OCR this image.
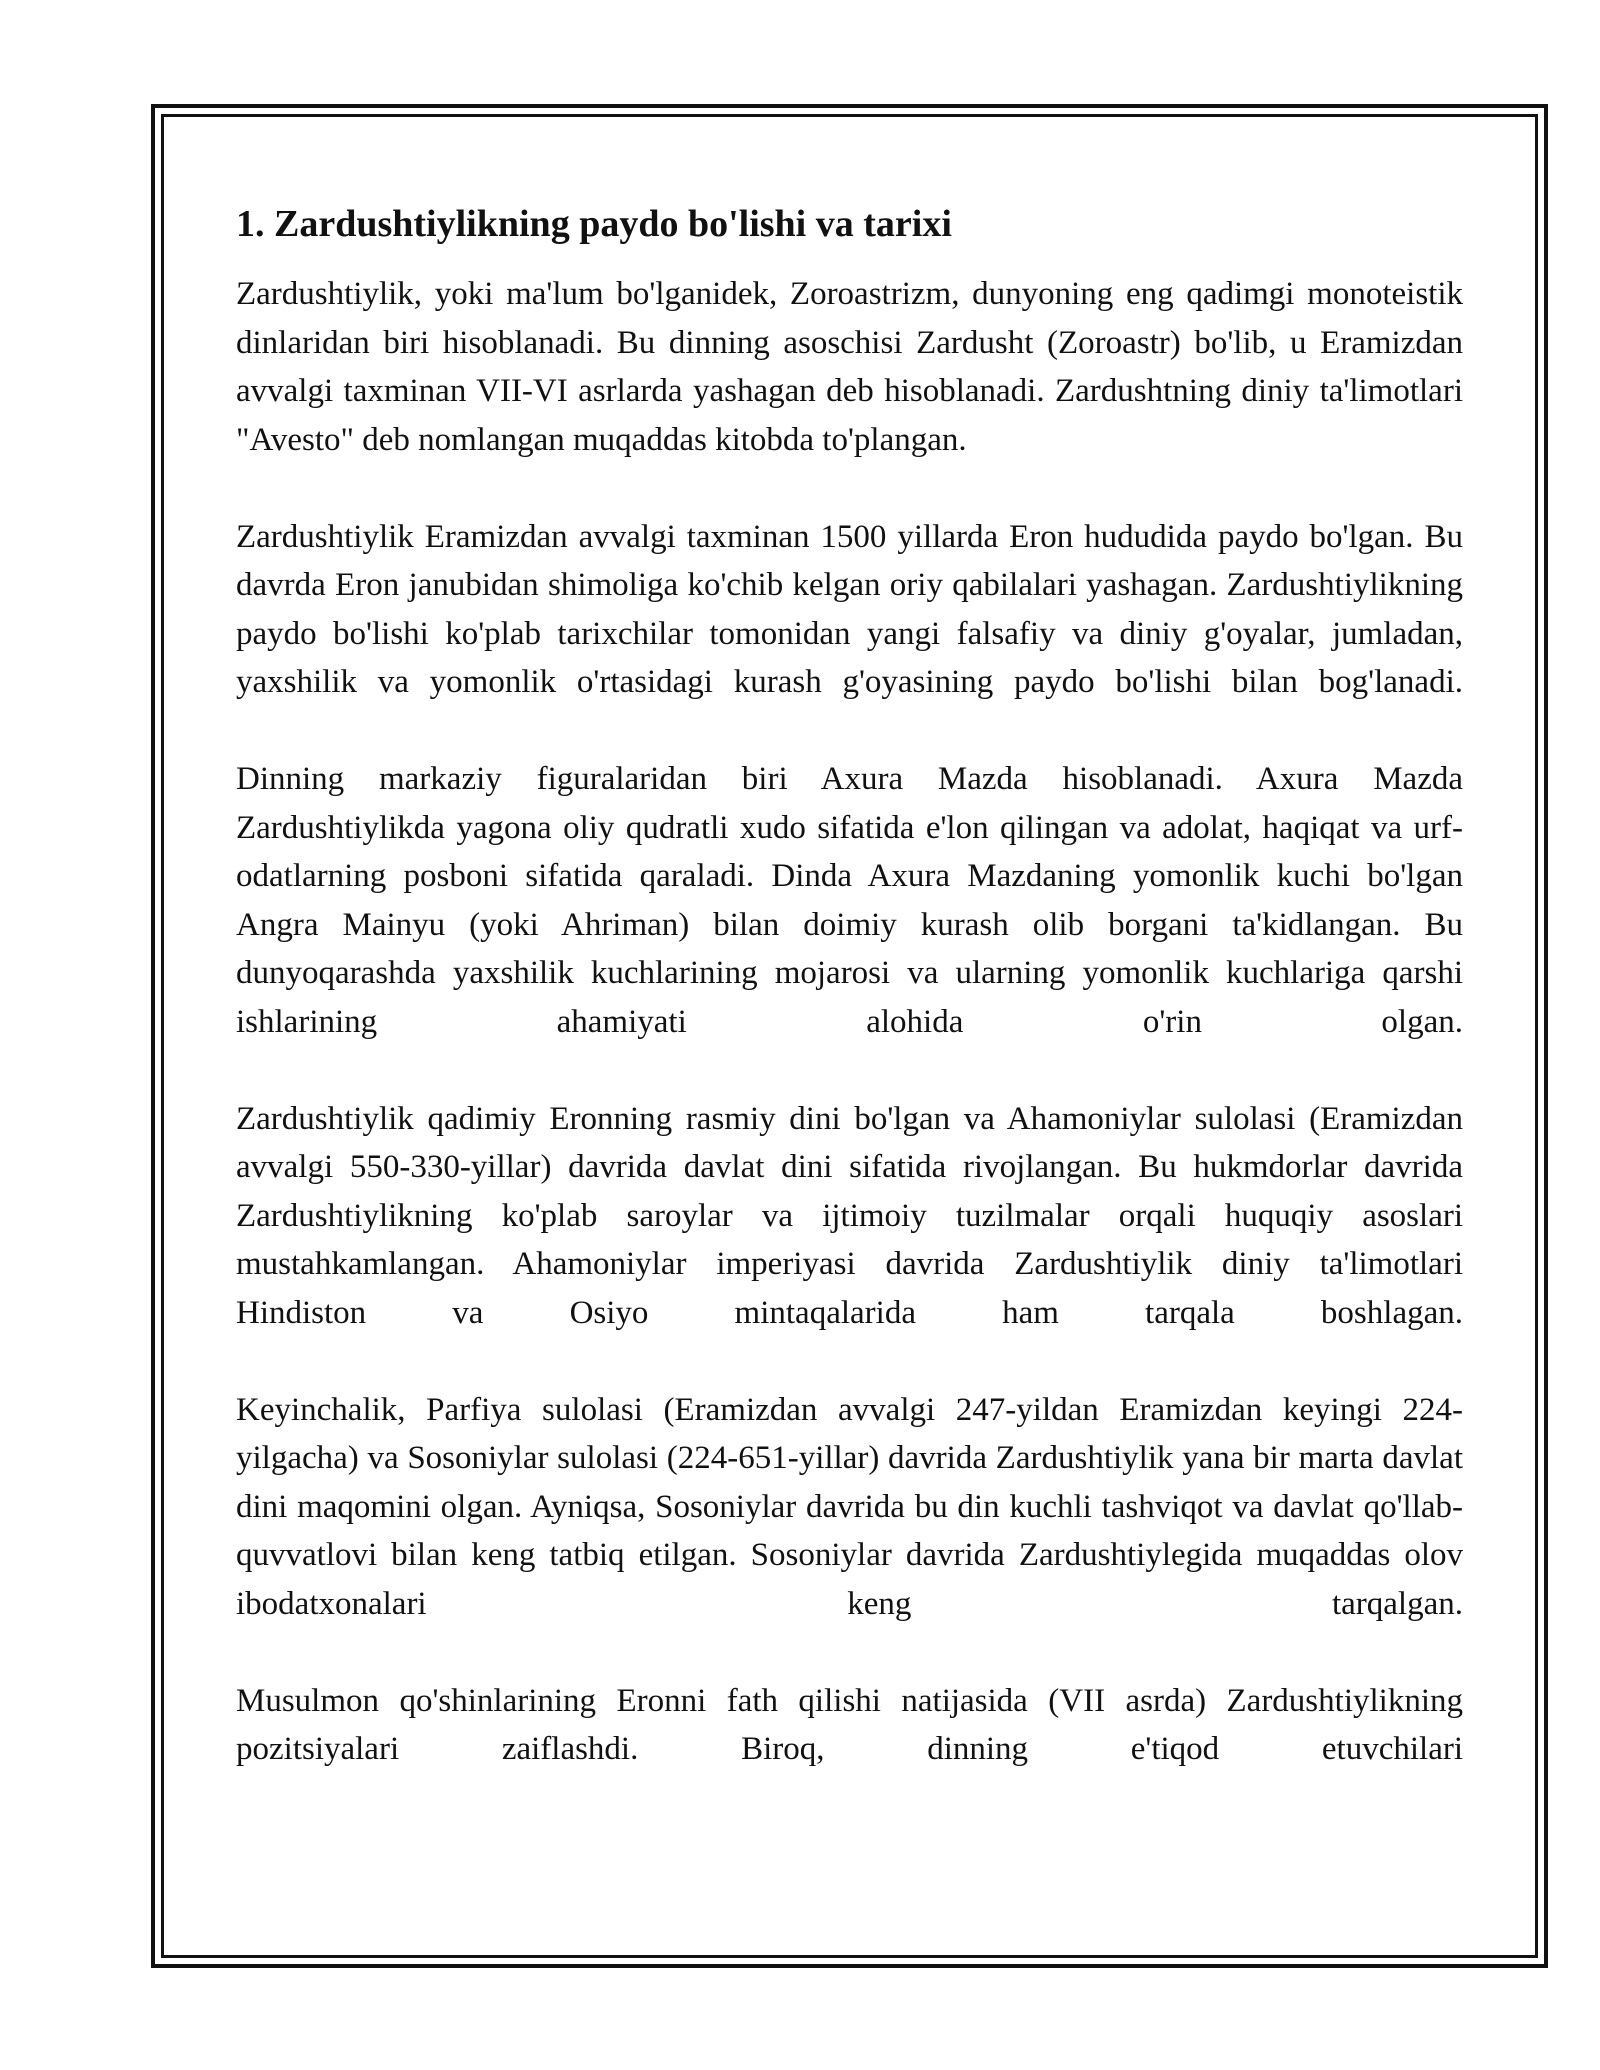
1. Zardushtiylikning paydo bo'lishi va tarixi

Zardushtiylik, yoki ma'lum bo'lganidek, Zoroastrizm, dunyoning eng qadimgi monoteistik dinlaridan biri hisoblanadi. Bu dinning asoschisi Zardusht (Zoroastr) bo'lib, u Eramizdan avvalgi taxminan VII-VI asrlarda yashagan deb hisoblanadi. Zardushtning diniy ta'limotlari "Avesto" deb nomlangan muqaddas kitobda to'plangan.

Zardushtiylik Eramizdan avvalgi taxminan 1500 yillarda Eron hududida paydo bo'lgan. Bu davrda Eron janubidan shimoliga ko'chib kelgan oriy qabilalari yashagan. Zardushtiylikning paydo bo'lishi ko'plab tarixchilar tomonidan yangi falsafiy va diniy g'oyalar, jumladan, yaxshilik va yomonlik o'rtasidagi kurash g'oyasining paydo bo'lishi bilan bog'lanadi.

Dinning markaziy figuralaridan biri Axura Mazda hisoblanadi. Axura Mazda Zardushtiylikda yagona oliy qudratli xudo sifatida e'lon qilingan va adolat, haqiqat va urf-odatlarning posboni sifatida qaraladi. Dinda Axura Mazdaning yomonlik kuchi bo'lgan Angra Mainyu (yoki Ahriman) bilan doimiy kurash olib borgani ta'kidlangan. Bu dunyoqarashda yaxshilik kuchlarining mojarosi va ularning yomonlik kuchlariga qarshi ishlarining ahamiyati alohida o'rin olgan.

Zardushtiylik qadimiy Eronning rasmiy dini bo'lgan va Ahamoniylar sulolasi (Eramizdan avvalgi 550-330-yillar) davrida davlat dini sifatida rivojlangan. Bu hukmdorlar davrida Zardushtiylikning ko'plab saroylar va ijtimoiy tuzilmalar orqali huquqiy asoslari mustahkamlangan. Ahamoniylar imperiyasi davrida Zardushtiylik diniy ta'limotlari Hindiston va Osiyo mintaqalarida ham tarqala boshlagan.

Keyinchalik, Parfiya sulolasi (Eramizdan avvalgi 247-yildan Eramizdan keyingi 224-yilgacha) va Sosoniylar sulolasi (224-651-yillar) davrida Zardushtiylik yana bir marta davlat dini maqomini olgan. Ayniqsa, Sosoniylar davrida bu din kuchli tashviqot va davlat qo'llab-quvvatlovi bilan keng tatbiq etilgan. Sosoniylar davrida Zardushtiylegida muqaddas olov ibodatxonalari keng tarqalgan.

Musulmon qo'shinlarining Eronni fath qilishi natijasida (VII asrda) Zardushtiylikning pozitsiyalari zaiflashdi. Biroq, dinning e'tiqod etuvchilari
